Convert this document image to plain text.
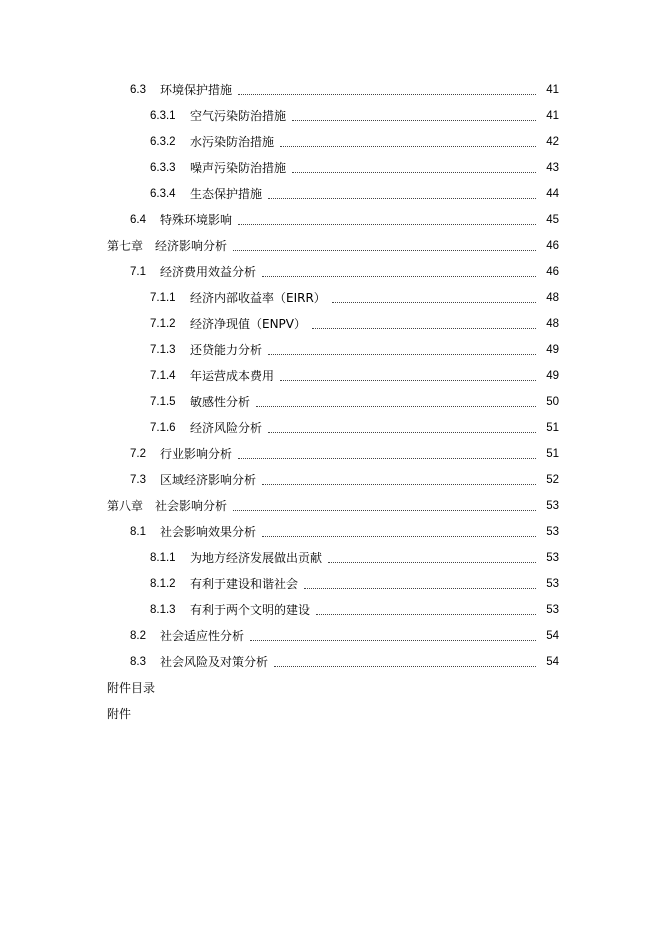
6.3 环境保护措施	41
6.3.1 空气污染防治措施	41
6.3.2 水污染防治措施	42
6.3.3 噪声污染防治措施	43
6.3.4 生态保护措施	44
6.4 特殊环境影响	45
第七章 经济影响分析	46
7.1 经济费用效益分析	46
7.1.1 经济内部收益率（EIRR）	48
7.1.2 经济净现值（ENPV）	48
7.1.3 还贷能力分析	49
7.1.4 年运营成本费用	49
7.1.5 敏感性分析	50
7.1.6 经济风险分析	51
7.2 行业影响分析	51
7.3 区域经济影响分析	52
第八章 社会影响分析	53
8.1 社会影响效果分析	53
8.1.1 为地方经济发展做出贡献	53
8.1.2 有利于建设和谐社会	53
8.1.3 有利于两个文明的建设	53
8.2 社会适应性分析	54
8.3 社会风险及对策分析	54
附件目录
附件
